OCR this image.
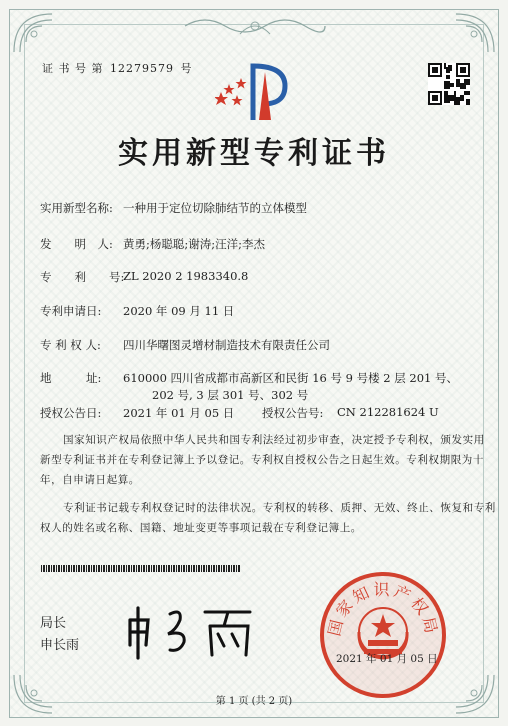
证 书 号 第 12279579 号
实用新型专利证书
实用新型名称: 一种用于定位切除肺结节的立体模型
发　　明　人: 黄勇;杨聪聪;谢涛;汪洋;李杰
专　　利　　号:
ZL 2020 2 1983340.8
专利申请日: 2020 年 09 月 11 日
专 利 权 人: 四川华曙图灵增材制造技术有限责任公司
地　　　址: 610000 四川省成都市高新区和民街 16 号 9 号楼 2 层 201 号、
202 号, 3 层 301 号、302 号
授权公告日: 2021 年 01 月 05 日 授权公告号: CN 212281624 U
国家知识产权局依照中华人民共和国专利法经过初步审查，决定授予专利权，颁发实用
新型专利证书并在专利登记簿上予以登记。专利权自授权公告之日起生效。专利权期限为十
年，自申请日起算。
专利证书记载专利权登记时的法律状况。专利权的转移、质押、无效、终止、恢复和专利
权人的姓名或名称、国籍、地址变更等事项记载在专利登记簿上。
局长
申长雨
国家知识产权局
2021 年 01 月 05 日
第 1 页 (共 2 页)
